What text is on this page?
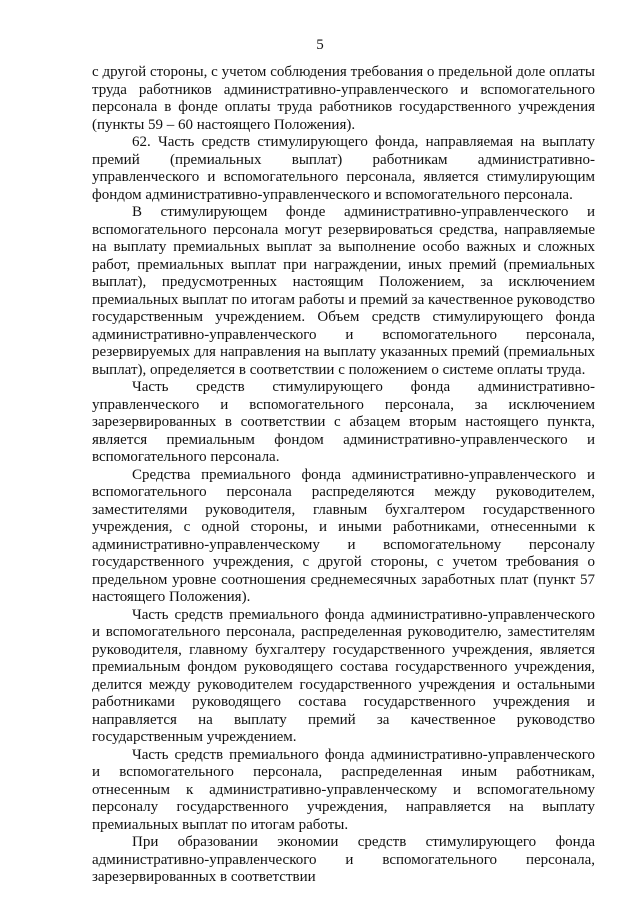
5

с другой стороны, с учетом соблюдения требования о предельной доле оплаты труда работников административно-управленческого и вспомогательного персонала в фонде оплаты труда работников государственного учреждения (пункты 59 – 60 настоящего Положения).

62. Часть средств стимулирующего фонда, направляемая на выплату премий (премиальных выплат) работникам административно-управленческого и вспомогательного персонала, является стимулирующим фондом административно-управленческого и вспомогательного персонала.

В стимулирующем фонде административно-управленческого и вспомогательного персонала могут резервироваться средства, направляемые на выплату премиальных выплат за выполнение особо важных и сложных работ, премиальных выплат при награждении, иных премий (премиальных выплат), предусмотренных настоящим Положением, за исключением премиальных выплат по итогам работы и премий за качественное руководство государственным учреждением. Объем средств стимулирующего фонда административно-управленческого и вспомогательного персонала, резервируемых для направления на выплату указанных премий (премиальных выплат), определяется в соответствии с положением о системе оплаты труда.

Часть средств стимулирующего фонда административно-управленческого и вспомогательного персонала, за исключением зарезервированных в соответствии с абзацем вторым настоящего пункта, является премиальным фондом административно-управленческого и вспомогательного персонала.

Средства премиального фонда административно-управленческого и вспомогательного персонала распределяются между руководителем, заместителями руководителя, главным бухгалтером государственного учреждения, с одной стороны, и иными работниками, отнесенными к административно-управленческому и вспомогательному персоналу государственного учреждения, с другой стороны, с учетом требования о предельном уровне соотношения среднемесячных заработных плат (пункт 57 настоящего Положения).

Часть средств премиального фонда административно-управленческого и вспомогательного персонала, распределенная руководителю, заместителям руководителя, главному бухгалтеру государственного учреждения, является премиальным фондом руководящего состава государственного учреждения, делится между руководителем государственного учреждения и остальными работниками руководящего состава государственного учреждения и направляется на выплату премий за качественное руководство государственным учреждением.

Часть средств премиального фонда административно-управленческого и вспомогательного персонала, распределенная иным работникам, отнесенным к административно-управленческому и вспомогательному персоналу государственного учреждения, направляется на выплату премиальных выплат по итогам работы.

При образовании экономии средств стимулирующего фонда административно-управленческого и вспомогательного персонала, зарезервированных в соответствии
